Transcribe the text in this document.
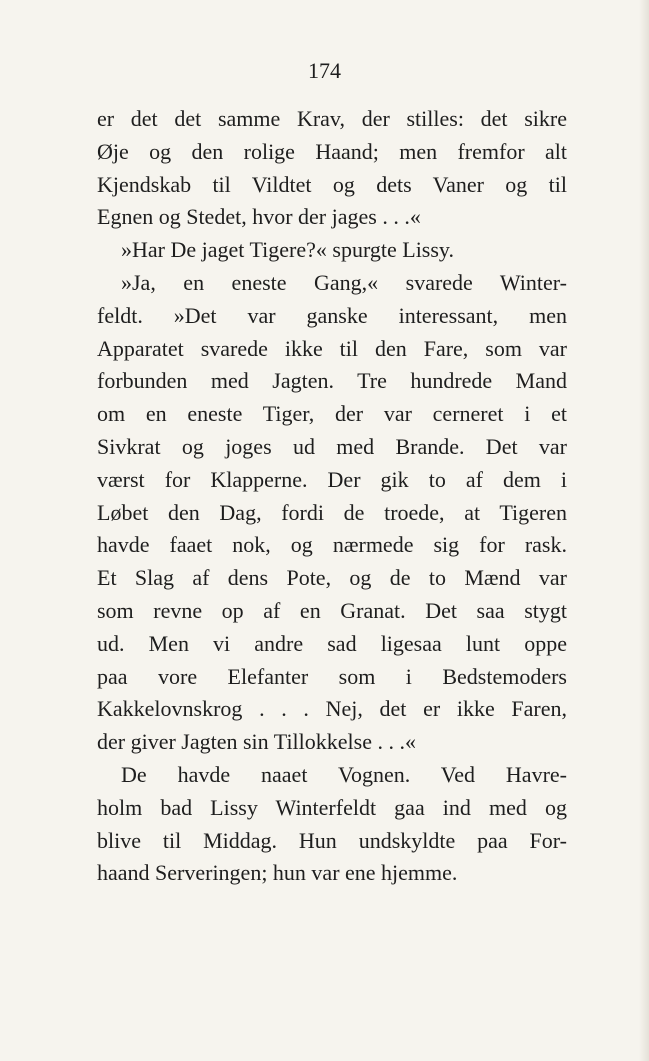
174
er det det samme Krav, der stilles: det sikre
Øje og den rolige Haand; men fremfor alt
Kjendskab til Vildtet og dets Vaner og til
Egnen og Stedet, hvor der jages . . .«
»Har De jaget Tigere?« spurgte Lissy.
»Ja, en eneste Gang,« svarede Winter-
feldt. »Det var ganske interessant, men
Apparatet svarede ikke til den Fare, som var
forbunden med Jagten. Tre hundrede Mand
om en eneste Tiger, der var cerneret i et
Sivkrat og joges ud med Brande. Det var
værst for Klapperne. Der gik to af dem i
Løbet den Dag, fordi de troede, at Tigeren
havde faaet nok, og nærmede sig for rask.
Et Slag af dens Pote, og de to Mænd var
som revne op af en Granat. Det saa stygt
ud. Men vi andre sad ligesaa lunt oppe
paa vore Elefanter som i Bedstemoders
Kakkelovnskrog . . . Nej, det er ikke Faren,
der giver Jagten sin Tillokkelse . . .«
De havde naaet Vognen. Ved Havre-
holm bad Lissy Winterfeldt gaa ind med og
blive til Middag. Hun undskyldte paa For-
haand Serveringen; hun var ene hjemme.
